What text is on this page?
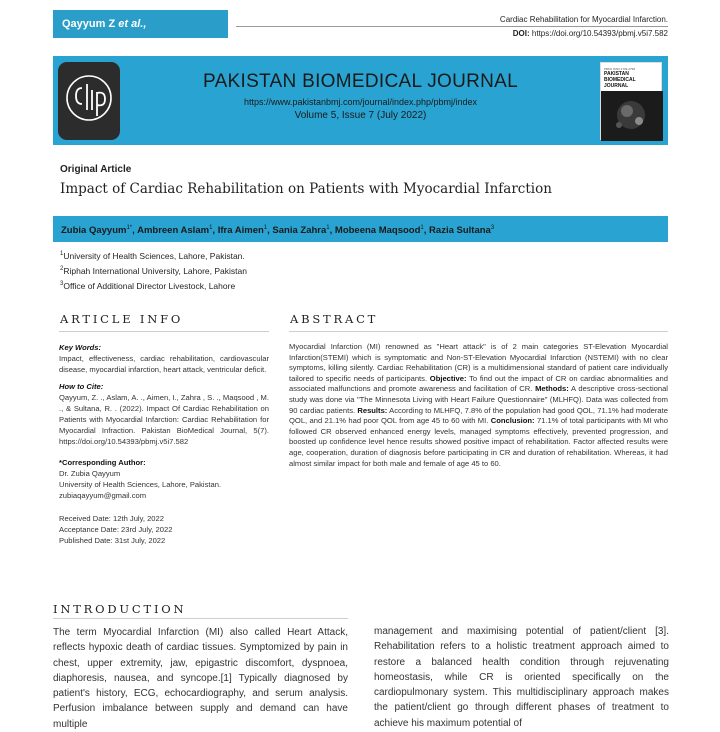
Qayyum Z et al.,	Cardiac Rehabilitation for Myocardial Infarction.
DOI: https://doi.org/10.54393/pbmj.v5i7.582
PAKISTAN BIOMEDICAL JOURNAL
https://www.pakistanbmj.com/journal/index.php/pbmj/index
Volume 5, Issue 7 (July 2022)
PBMJ ISSN 2709-2798
PAKISTAN
BIOMEDICAL
JOURNAL
Original Article
Impact of Cardiac Rehabilitation on Patients with Myocardial Infarction
Zubia Qayyum$^{1*}$, Ambreen Aslam$^1$, Ifra Aimen$^1$, Sania Zahra$^1$, Mobeena Maqsood$^1$, Razia Sultana$^3$
$^1$University of Health Sciences, Lahore, Pakistan.
$^2$Riphah International University, Lahore, Pakistan
$^3$Office of Additional Director Livestock, Lahore
ARTICLE INFO	ABSTRACT
Key Words:
Impact, effectiveness, cardiac rehabilitation, cardiovascular disease, myocardial infarction, heart attack, ventricular deficit.
How to Cite:
Qayyum, Z. ., Aslam, A. ., Aimen, I., Zahra , S. ., Maqsood , M. ., & Sultana, R. . (2022). Impact Of Cardiac Rehabilitation on Patients with Myocardial Infarction: Cardiac Rehabilitation for Myocardial Infraction. Pakistan BioMedical Journal, 5(7). https://doi.org/10.54393/pbmj.v5i7.582
*Corresponding Author:
Dr. Zubia Qayyum
University of Health Sciences, Lahore, Pakistan.
zubiaqayyum@gmail.com
Received Date: 12th July, 2022
Acceptance Date: 23rd July, 2022
Published Date: 31st July, 2022
Myocardial Infarction (MI) renowned as "Heart attack" is of 2 main categories ST-Elevation Myocardial Infarction(STEMI) which is symptomatic and Non-ST-Elevation Myocardial Infarction (NSTEMI) with no clear symptoms, killing silently. Cardiac Rehabilitation (CR) is a multidimensional standard of patient care individually tailored to specific needs of participants. Objective: To find out the impact of CR on cardiac abnormalities and associated malfunctions and promote awareness and facilitation of CR. Methods: A descriptive cross-sectional study was done via "The Minnesota Living with Heart Failure Questionnaire" (MLHFQ). Data was collected from 90 cardiac patients. Results: According to MLHFQ, 7.8% of the population had good QOL, 71.1% had moderate QOL, and 21.1% had poor QOL from age 45 to 60 with MI. Conclusion: 71.1% of total participants with MI who followed CR observed enhanced energy levels, managed symptoms effectively, prevented progression, and boosted up confidence level hence results showed positive impact of rehabilitation. Factor affected results were age, cooperation, duration of diagnosis before participating in CR and duration of rehabilitation. Whereas, it had almost similar impact for both male and female of age 45 to 60.
INTRODUCTION
The term Myocardial Infarction (MI) also called Heart Attack, reflects hypoxic death of cardiac tissues. Symptomized by pain in chest, upper extremity, jaw, epigastric discomfort, dyspnoea, diaphoresis, nausea, and syncope.[1] Typically diagnosed by patient's history, ECG, echocardiography, and serum analysis. Perfusion imbalance between supply and demand can have multiple
management and maximising potential of patient/client [3]. Rehabilitation refers to a holistic treatment approach aimed to restore a balanced health condition through rejuvenating homeostasis, while CR is oriented specifically on the cardiopulmonary system. This multidisciplinary approach makes the patient/client go through different phases of treatment to achieve his maximum potential of
